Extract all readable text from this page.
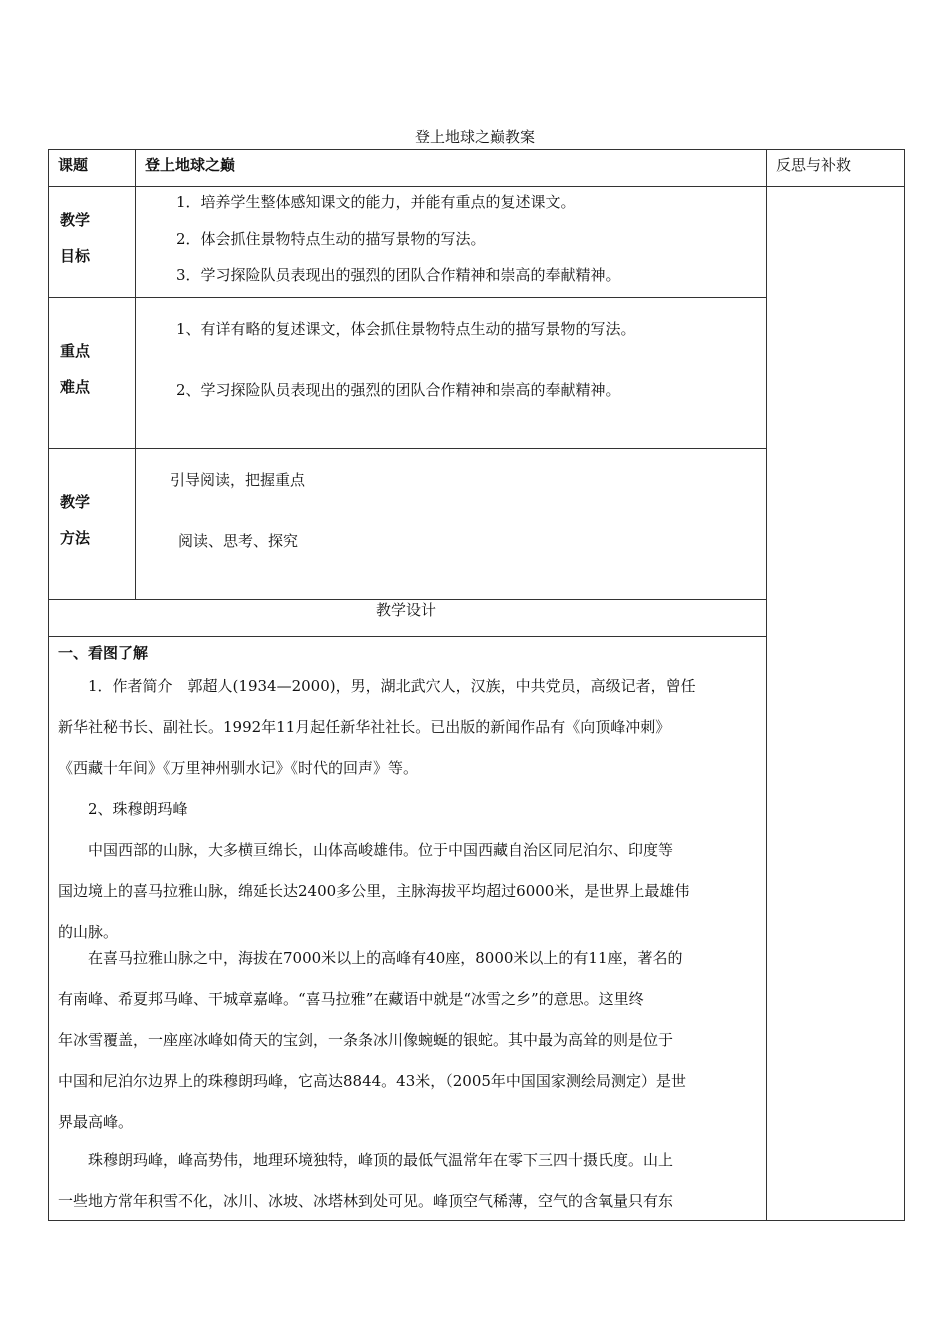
登上地球之巅教案
课题	登上地球之巅	反思与补救
教学
目标
1．培养学生整体感知课文的能力，并能有重点的复述课文。
2．体会抓住景物特点生动的描写景物的写法。
3．学习探险队员表现出的强烈的团队合作精神和崇高的奉献精神。
重点
难点
1、有详有略的复述课文，体会抓住景物特点生动的描写景物的写法。
2、学习探险队员表现出的强烈的团队合作精神和崇高的奉献精神。
教学
方法
引导阅读，把握重点
阅读、思考、探究
教学设计
一、看图了解
1．作者简介　郭超人(1934—2000)，男，湖北武穴人，汉族，中共党员，高级记者，曾任
新华社秘书长、副社长。1992年11月起任新华社社长。已出版的新闻作品有《向顶峰冲刺》
《西藏十年间》《万里神州驯水记》《时代的回声》等。
2、珠穆朗玛峰
中国西部的山脉，大多横亘绵长，山体高峻雄伟。位于中国西藏自治区同尼泊尔、印度等
国边境上的喜马拉雅山脉，绵延长达2400多公里，主脉海拔平均超过6000米，是世界上最雄伟
的山脉。
在喜马拉雅山脉之中，海拔在7000米以上的高峰有40座，8000米以上的有11座，著名的
有南峰、希夏邦马峰、干城章嘉峰。“喜马拉雅”在藏语中就是“冰雪之乡”的意思。这里终
年冰雪覆盖，一座座冰峰如倚天的宝剑，一条条冰川像蜿蜒的银蛇。其中最为高耸的则是位于
中国和尼泊尔边界上的珠穆朗玛峰，它高达8844。43米，（2005年中国国家测绘局测定）是世
界最高峰。
珠穆朗玛峰，峰高势伟，地理环境独特，峰顶的最低气温常年在零下三四十摄氏度。山上
一些地方常年积雪不化，冰川、冰坡、冰塔林到处可见。峰顶空气稀薄，空气的含氧量只有东
